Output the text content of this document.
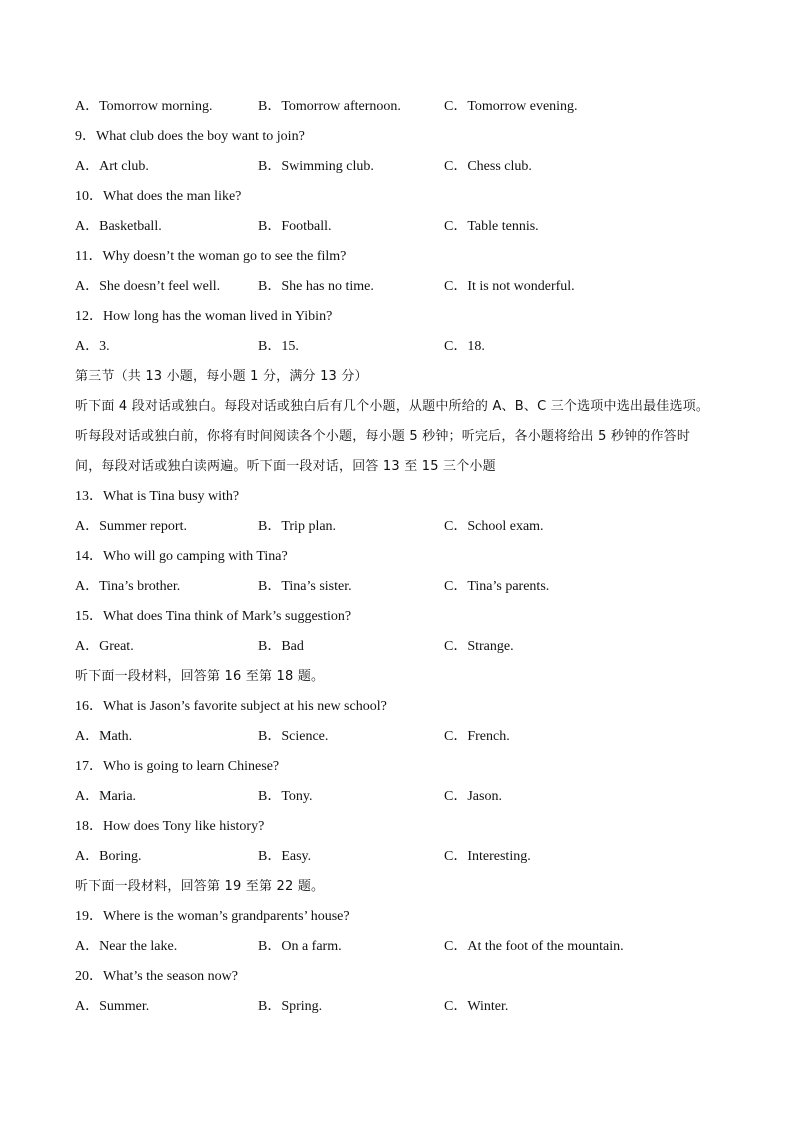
A．Tomorrow morning.	B．Tomorrow afternoon.	C．Tomorrow evening.
9．What club does the boy want to join?
A．Art club.	B．Swimming club.	C．Chess club.
10．What does the man like?
A．Basketball.	B．Football.	C．Table tennis.
11．Why doesn’t the woman go to see the film?
A．She doesn’t feel well.	B．She has no time.	C．It is not wonderful.
12．How long has the woman lived in Yibin?
A．3.	B．15.	C．18.
第三节（共 13 小题，每小题 1 分，满分 13 分）
听下面 4 段对话或独白。每段对话或独白后有几个小题，从题中所给的 A、B、C 三个选项中选出最佳选项。
听每段对话或独白前，你将有时间阅读各个小题，每小题 5 秒钟；听完后，各小题将给出 5 秒钟的作答时
间，每段对话或独白读两遍。听下面一段对话，回答 13 至 15 三个小题
13．What is Tina busy with?
A．Summer report.	B．Trip plan.	C．School exam.
14．Who will go camping with Tina?
A．Tina’s brother.	B．Tina’s sister.	C．Tina’s parents.
15．What does Tina think of Mark’s suggestion?
A．Great.	B．Bad	C．Strange.
听下面一段材料，回答第 16 至第 18 题。
16．What is Jason’s favorite subject at his new school?
A．Math.	B．Science.	C．French.
17．Who is going to learn Chinese?
A．Maria.	B．Tony.	C．Jason.
18．How does Tony like history?
A．Boring.	B．Easy.	C．Interesting.
听下面一段材料，回答第 19 至第 22 题。
19．Where is the woman’s grandparents’ house?
A．Near the lake.	B．On a farm.	C．At the foot of the mountain.
20．What’s the season now?
A．Summer.	B．Spring.	C．Winter.
